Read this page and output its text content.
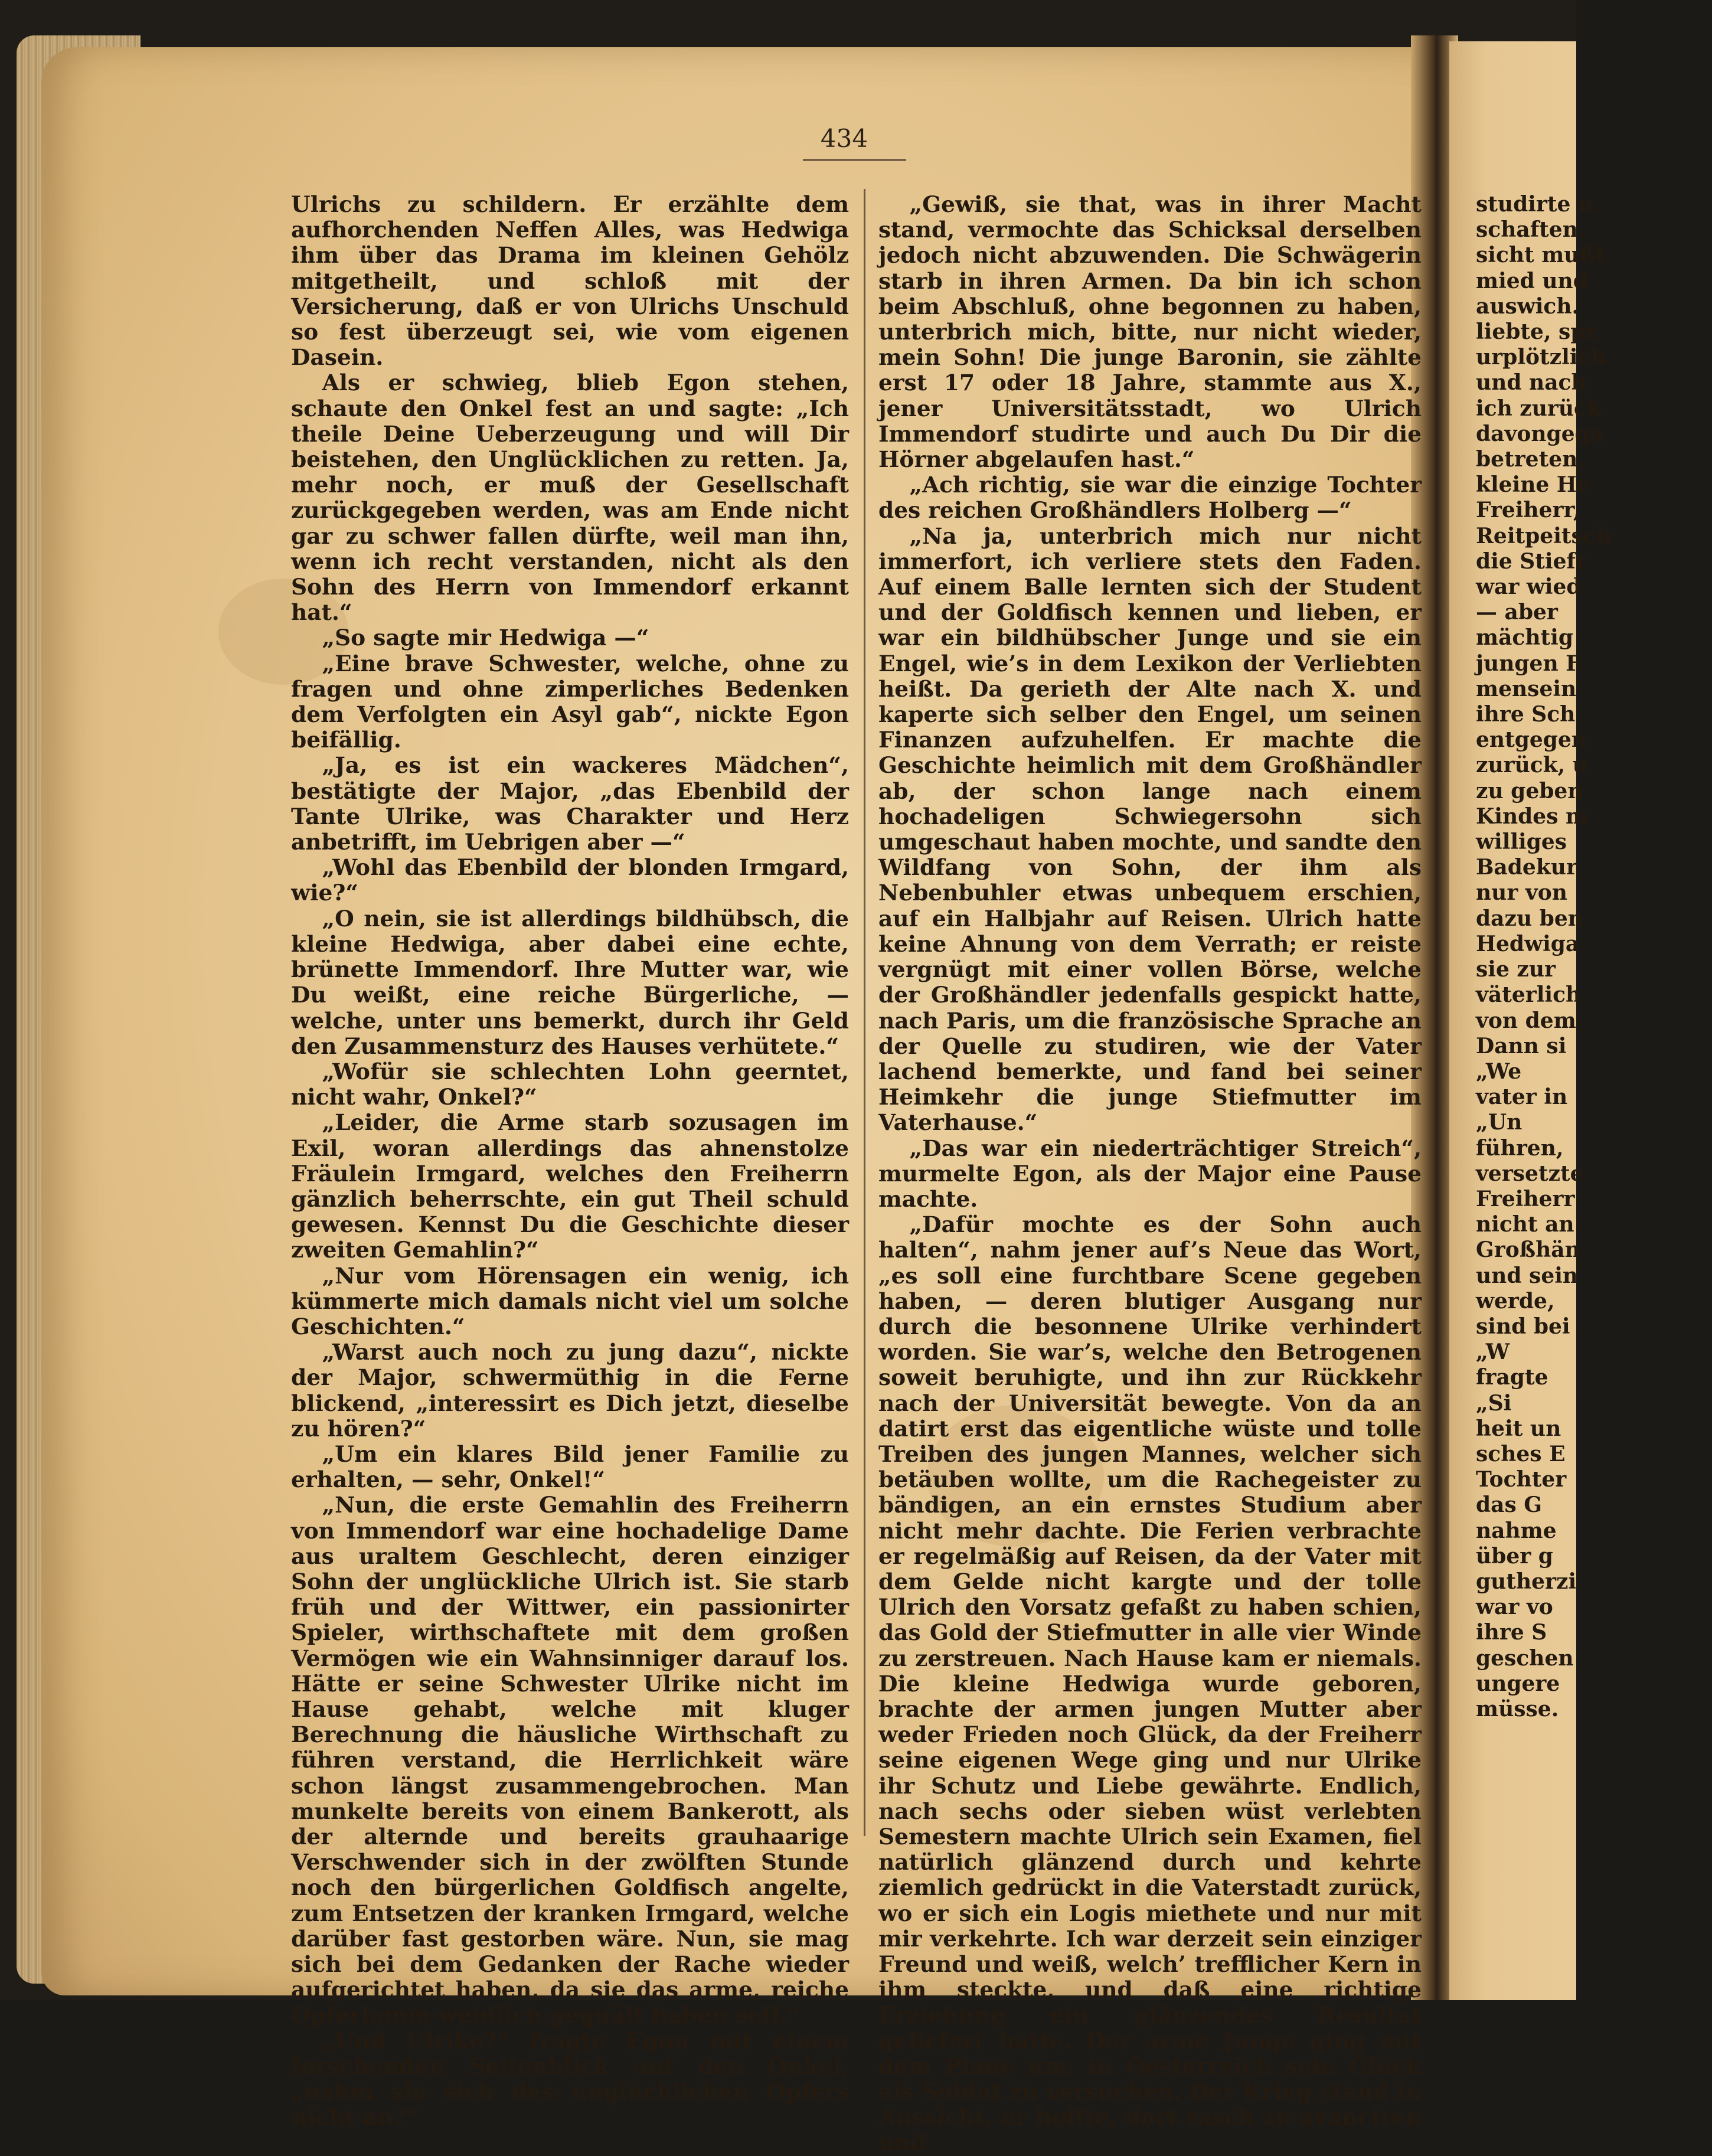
434

Ulrichs zu schildern. Er erzählte dem aufhorchenden Neffen Alles, was Hedwiga ihm über das Drama im kleinen Gehölz mitgetheilt, und schloß mit der Versicherung, daß er von Ulrichs Unschuld so fest überzeugt sei, wie vom eigenen Dasein.

Als er schwieg, blieb Egon stehen, schaute den Onkel fest an und sagte: „Ich theile Deine Ueberzeugung und will Dir beistehen, den Unglücklichen zu retten. Ja, mehr noch, er muß der Gesellschaft zurückgegeben werden, was am Ende nicht gar zu schwer fallen dürfte, weil man ihn, wenn ich recht verstanden, nicht als den Sohn des Herrn von Immendorf erkannt hat.“

„So sagte mir Hedwiga —“

„Eine brave Schwester, welche, ohne zu fragen und ohne zimperliches Bedenken dem Verfolgten ein Asyl gab“, nickte Egon beifällig.

„Ja, es ist ein wackeres Mädchen“, bestätigte der Major, „das Ebenbild der Tante Ulrike, was Charakter und Herz anbetrifft, im Uebrigen aber —“

„Wohl das Ebenbild der blonden Irmgard, wie?“

„O nein, sie ist allerdings bildhübsch, die kleine Hedwiga, aber dabei eine echte, brünette Immendorf. Ihre Mutter war, wie Du weißt, eine reiche Bürgerliche, — welche, unter uns bemerkt, durch ihr Geld den Zusammensturz des Hauses verhütete.“

„Wofür sie schlechten Lohn geerntet, nicht wahr, Onkel?“

„Leider, die Arme starb sozusagen im Exil, woran allerdings das ahnenstolze Fräulein Irmgard, welches den Freiherrn gänzlich beherrschte, ein gut Theil schuld gewesen. Kennst Du die Geschichte dieser zweiten Gemahlin?“

„Nur vom Hörensagen ein wenig, ich kümmerte mich damals nicht viel um solche Geschichten.“

„Warst auch noch zu jung dazu“, nickte der Major, schwermüthig in die Ferne blickend, „interessirt es Dich jetzt, dieselbe zu hören?“

„Um ein klares Bild jener Familie zu erhalten, — sehr, Onkel!“

„Nun, die erste Gemahlin des Freiherrn von Immendorf war eine hochadelige Dame aus uraltem Geschlecht, deren einziger Sohn der unglückliche Ulrich ist. Sie starb früh und der Wittwer, ein passionirter Spieler, wirthschaftete mit dem großen Vermögen wie ein Wahnsinniger darauf los. Hätte er seine Schwester Ulrike nicht im Hause gehabt, welche mit kluger Berechnung die häusliche Wirthschaft zu führen verstand, die Herrlichkeit wäre schon längst zusammengebrochen. Man munkelte bereits von einem Bankerott, als der alternde und bereits grauhaarige Verschwender sich in der zwölften Stunde noch den bürgerlichen Goldfisch angelte, zum Entsetzen der kranken Irmgard, welche darüber fast gestorben wäre. Nun, sie mag sich bei dem Gedanken der Rache wieder aufgerichtet haben, da sie das arme, reiche Opferlamm weidlich gequält haben soll.“

„Und Ulrike?“ fragte Egon mit einem forschenden Seitenblick auf den Onkel, „nahm sie sich des unglücklichen Opfers nicht an?“

„Gewiß, sie that, was in ihrer Macht stand, vermochte das Schicksal derselben jedoch nicht abzuwenden. Die Schwägerin starb in ihren Armen. Da bin ich schon beim Abschluß, ohne begonnen zu haben, unterbrich mich, bitte, nur nicht wieder, mein Sohn! Die junge Baronin, sie zählte erst 17 oder 18 Jahre, stammte aus X., jener Universitätsstadt, wo Ulrich Immendorf studirte und auch Du Dir die Hörner abgelaufen hast.“

„Ach richtig, sie war die einzige Tochter des reichen Großhändlers Holberg —“

„Na ja, unterbrich mich nur nicht immerfort, ich verliere stets den Faden. Auf einem Balle lernten sich der Student und der Goldfisch kennen und lieben, er war ein bildhübscher Junge und sie ein Engel, wie’s in dem Lexikon der Verliebten heißt. Da gerieth der Alte nach X. und kaperte sich selber den Engel, um seinen Finanzen aufzuhelfen. Er machte die Geschichte heimlich mit dem Großhändler ab, der schon lange nach einem hochadeligen Schwiegersohn sich umgeschaut haben mochte, und sandte den Wildfang von Sohn, der ihm als Nebenbuhler etwas unbequem erschien, auf ein Halbjahr auf Reisen. Ulrich hatte keine Ahnung von dem Verrath; er reiste vergnügt mit einer vollen Börse, welche der Großhändler jedenfalls gespickt hatte, nach Paris, um die französische Sprache an der Quelle zu studiren, wie der Vater lachend bemerkte, und fand bei seiner Heimkehr die junge Stiefmutter im Vaterhause.“

„Das war ein niederträchtiger Streich“, murmelte Egon, als der Major eine Pause machte.

„Dafür mochte es der Sohn auch halten“, nahm jener auf’s Neue das Wort, „es soll eine furchtbare Scene gegeben haben, — deren blutiger Ausgang nur durch die besonnene Ulrike verhindert worden. Sie war’s, welche den Betrogenen soweit beruhigte, und ihn zur Rückkehr nach der Universität bewegte. Von da an datirt erst das eigentliche wüste und tolle Treiben des jungen Mannes, welcher sich betäuben wollte, um die Rachegeister zu bändigen, an ein ernstes Studium aber nicht mehr dachte. Die Ferien verbrachte er regelmäßig auf Reisen, da der Vater mit dem Gelde nicht kargte und der tolle Ulrich den Vorsatz gefaßt zu haben schien, das Gold der Stiefmutter in alle vier Winde zu zerstreuen. Nach Hause kam er niemals. Die kleine Hedwiga wurde geboren, brachte der armen jungen Mutter aber weder Frieden noch Glück, da der Freiherr seine eigenen Wege ging und nur Ulrike ihr Schutz und Liebe gewährte. Endlich, nach sechs oder sieben wüst verlebten Semestern machte Ulrich sein Examen, fiel natürlich glänzend durch und kehrte ziemlich gedrückt in die Vaterstadt zurück, wo er sich ein Logis miethete und nur mit mir verkehrte. Ich war derzeit sein einziger Freund und weiß, welch’ trefflicher Kern in ihm steckte, und daß eine richtige Erziehung ein glänzendes Resultat geliefert hätte. Der arme Junge ging mit dem Plane um, in Oesterreich sein Glück als Soldat zu versuchen. Der Krieg stand in Aussicht, er hoffte, dort rasch zu avanciren und

studirte n
schaften.
sicht mußt
mied und
auswich.
liebte, spr
urplötzlich
und nach
ich zurück
davongega
betreten,
kleine He
Freiherr,
Reitpeitsch
die Stiefr
war wied
— aber
mächtig
jungen F
mensein
ihre Sch
entgegen
zurück, u
zu geben
Kindes m
williges
Badekur
nur von
dazu ben
Hedwiga
sie zur
väterlich
von dem
Dann si
„We
vater in
„Un
führen,
versetzte
Freiherr
nicht an
Großhän
und sein
werde,
sind bei
„W
fragte
„Si
heit un
sches E
Tochter
das G
nahme
über g
gutherzi
war vo
ihre S
geschen
ungere
müsse.
